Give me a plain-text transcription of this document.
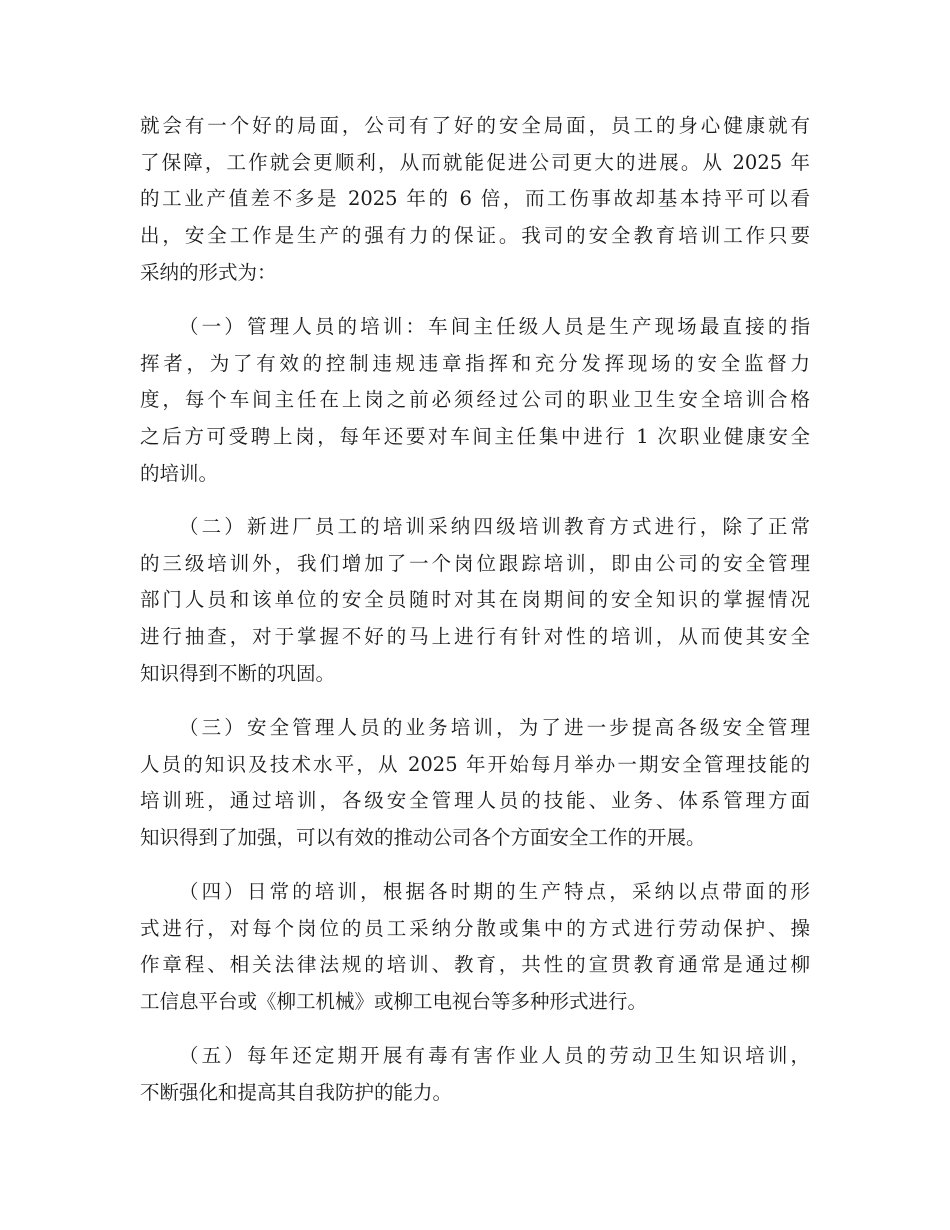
就会有一个好的局面，公司有了好的安全局面，员工的身心健康就有
了保障，工作就会更顺利，从而就能促进公司更大的进展。从 2025 年
的工业产值差不多是 2025 年的 6 倍，而工伤事故却基本持平可以看
出，安全工作是生产的强有力的保证。我司的安全教育培训工作只要
采纳的形式为：
（一）管理人员的培训：车间主任级人员是生产现场最直接的指
挥者，为了有效的控制违规违章指挥和充分发挥现场的安全监督力
度，每个车间主任在上岗之前必须经过公司的职业卫生安全培训合格
之后方可受聘上岗，每年还要对车间主任集中进行 1 次职业健康安全
的培训。
（二）新进厂员工的培训采纳四级培训教育方式进行，除了正常
的三级培训外，我们增加了一个岗位跟踪培训，即由公司的安全管理
部门人员和该单位的安全员随时对其在岗期间的安全知识的掌握情况
进行抽查，对于掌握不好的马上进行有针对性的培训，从而使其安全
知识得到不断的巩固。
（三）安全管理人员的业务培训，为了进一步提高各级安全管理
人员的知识及技术水平，从 2025 年开始每月举办一期安全管理技能的
培训班，通过培训，各级安全管理人员的技能、业务、体系管理方面
知识得到了加强，可以有效的推动公司各个方面安全工作的开展。
（四）日常的培训，根据各时期的生产特点，采纳以点带面的形
式进行，对每个岗位的员工采纳分散或集中的方式进行劳动保护、操
作章程、相关法律法规的培训、教育，共性的宣贯教育通常是通过柳
工信息平台或《柳工机械》或柳工电视台等多种形式进行。
（五）每年还定期开展有毒有害作业人员的劳动卫生知识培训，
不断强化和提高其自我防护的能力。
